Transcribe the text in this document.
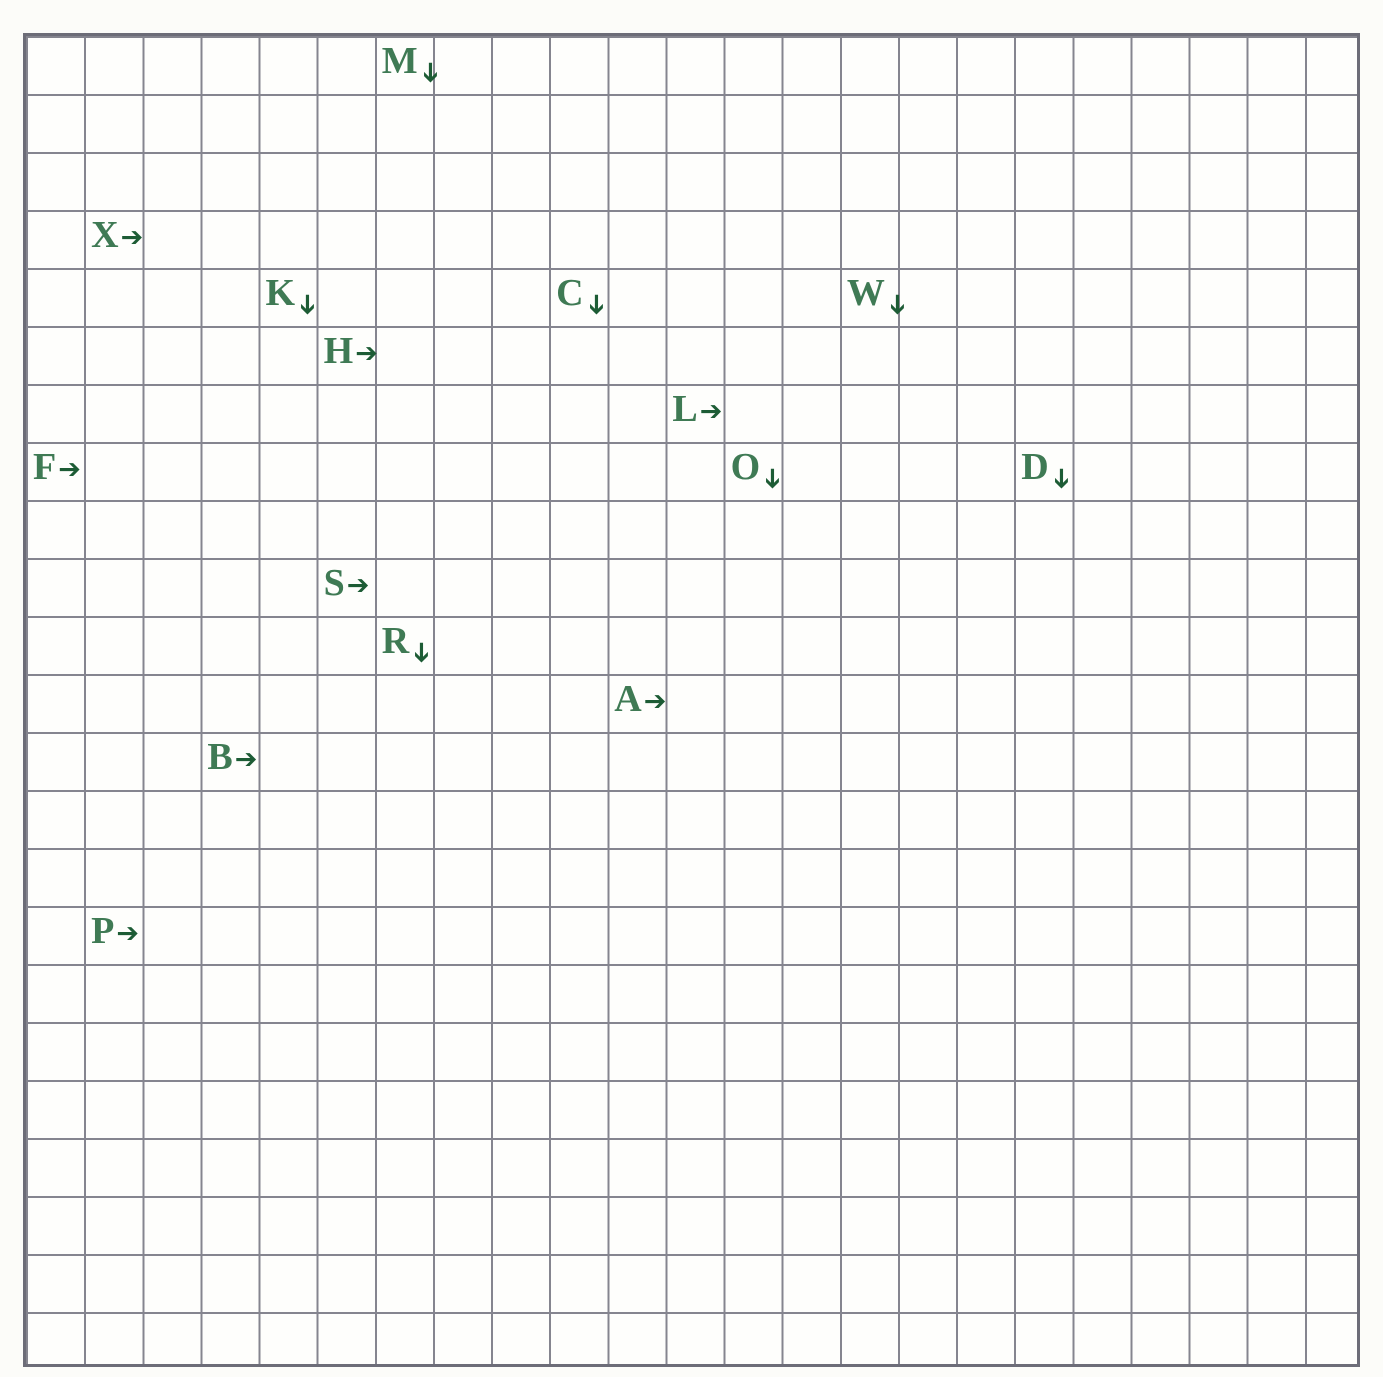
M
➔
X ➔
K
➔	C
➔	W
➔
H ➔
L ➔
F ➔	O
➔	D
➔
S ➔
R
➔
A ➔
B ➔
P ➔
